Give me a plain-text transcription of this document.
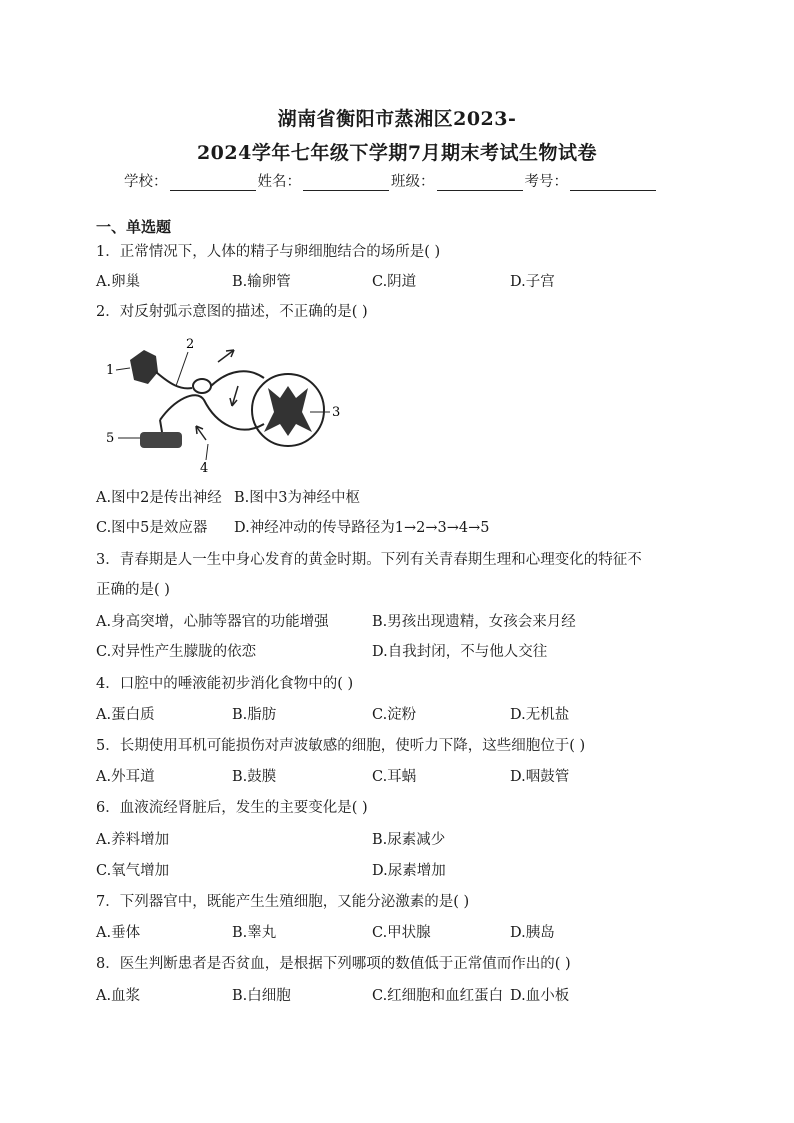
湖南省衡阳市蒸湘区2023-
2024学年七年级下学期7月期末考试生物试卷
学校：	姓名：	班级：	考号：
一、单选题
1．正常情况下，人体的精子与卵细胞结合的场所是( )
A.卵巢	B.输卵管	C.阴道	D.子宫
2．对反射弧示意图的描述，不正确的是( )
1
2
3
4
5
A.图中2是传出神经 B.图中3为神经中枢
C.图中5是效应器 D.神经冲动的传导路径为1→2→3→4→5
3．青春期是人一生中身心发育的黄金时期。下列有关青春期生理和心理变化的特征不
正确的是( )
A.身高突增，心肺等器官的功能增强	B.男孩出现遗精，女孩会来月经
C.对异性产生朦胧的依恋	D.自我封闭，不与他人交往
4．口腔中的唾液能初步消化食物中的( )
A.蛋白质	B.脂肪	C.淀粉	D.无机盐
5．长期使用耳机可能损伤对声波敏感的细胞，使听力下降，这些细胞位于( )
A.外耳道	B.鼓膜	C.耳蜗	D.咽鼓管
6．血液流经肾脏后，发生的主要变化是( )
A.养料增加	B.尿素减少
C.氧气增加	D.尿素增加
7．下列器官中，既能产生生殖细胞，又能分泌激素的是( )
A.垂体	B.睾丸	C.甲状腺	D.胰岛
8．医生判断患者是否贫血，是根据下列哪项的数值低于正常值而作出的( )
A.血浆	B.白细胞	C.红细胞和血红蛋白 D.血小板
